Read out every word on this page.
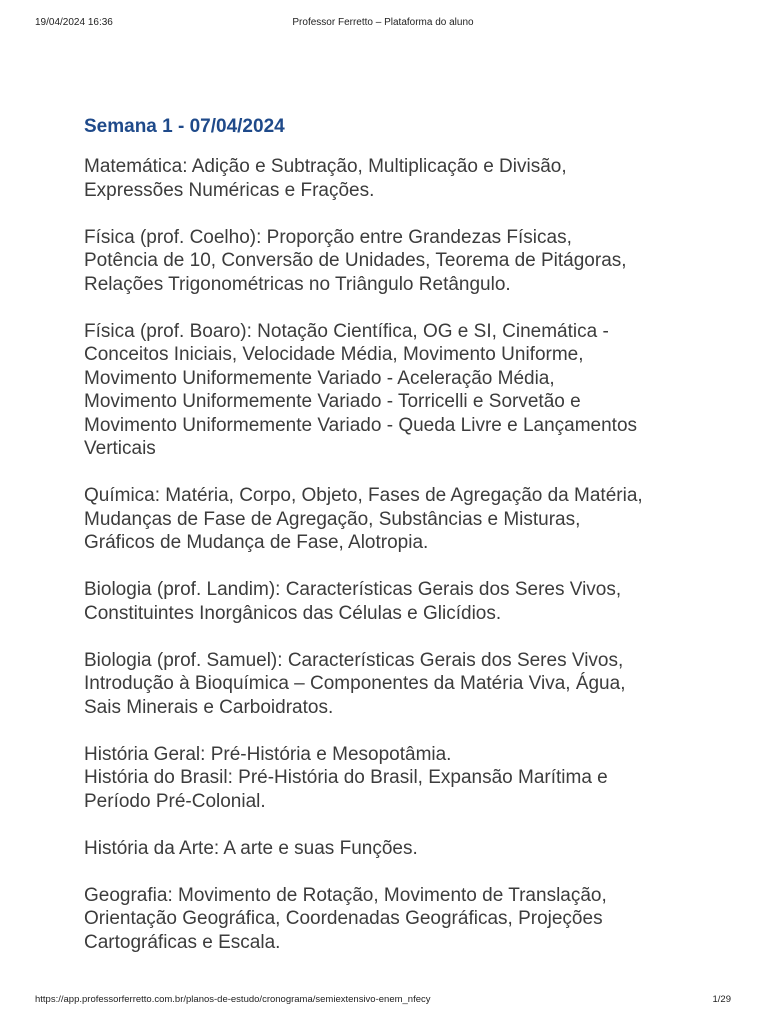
19/04/2024 16:36	Professor Ferretto – Plataforma do aluno
Semana 1 - 07/04/2024

Matemática: Adição e Subtração, Multiplicação e Divisão,
Expressões Numéricas e Frações.

Física (prof. Coelho): Proporção entre Grandezas Físicas,
Potência de 10, Conversão de Unidades, Teorema de Pitágoras,
Relações Trigonométricas no Triângulo Retângulo.

Física (prof. Boaro): Notação Científica, OG e SI, Cinemática -
Conceitos Iniciais, Velocidade Média, Movimento Uniforme,
Movimento Uniformemente Variado - Aceleração Média,
Movimento Uniformemente Variado - Torricelli e Sorvetão e
Movimento Uniformemente Variado - Queda Livre e Lançamentos
Verticais

Química: Matéria, Corpo, Objeto, Fases de Agregação da Matéria,
Mudanças de Fase de Agregação, Substâncias e Misturas,
Gráficos de Mudança de Fase, Alotropia.

Biologia (prof. Landim): Características Gerais dos Seres Vivos,
Constituintes Inorgânicos das Células e Glicídios.

Biologia (prof. Samuel): Características Gerais dos Seres Vivos,
Introdução à Bioquímica – Componentes da Matéria Viva, Água,
Sais Minerais e Carboidratos.

História Geral: Pré-História e Mesopotâmia.
História do Brasil: Pré-História do Brasil, Expansão Marítima e
Período Pré-Colonial.

História da Arte: A arte e suas Funções.

Geografia: Movimento de Rotação, Movimento de Translação,
Orientação Geográfica, Coordenadas Geográficas, Projeções
Cartográficas e Escala.

https://app.professorferretto.com.br/planos-de-estudo/cronograma/semiextensivo-enem_nfecy	1/29
